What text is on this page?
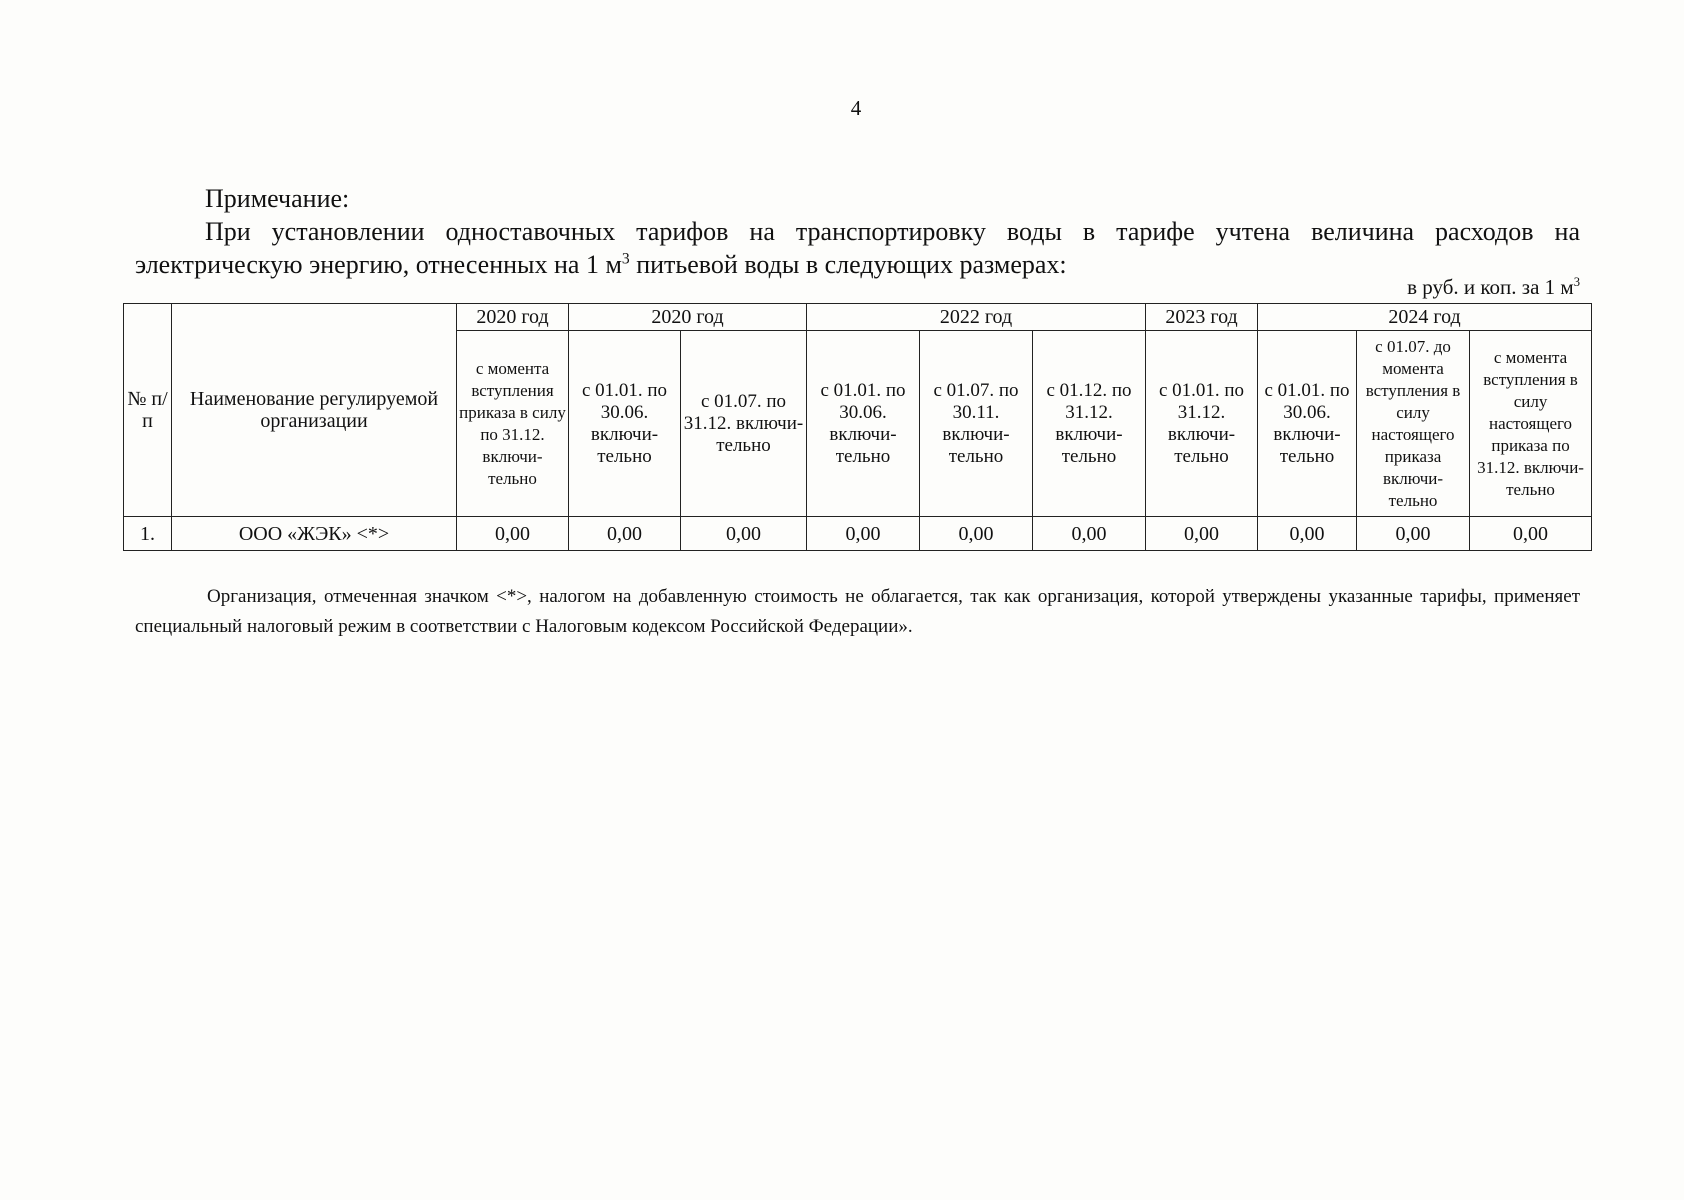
4
Примечание:
При установлении одноставочных тарифов на транспортировку воды в тарифе учтена величина расходов на электрическую энергию, отнесенных на 1 $м^3$ питьевой воды в следующих размерах:
в руб. и коп. за 1 $м^3$
№ п/ п	Наименование регулируемой организации	2020 год	2020 год		2022 год			2023 год	2024 год		
		с момента вступления приказа в силу по 31.12. включи-тельно	с 01.01. по 30.06. включи-тельно	с 01.07. по 31.12. включи-тельно	с 01.01. по 30.06. включи-тельно	с 01.07. по 30.11. включи-тельно	с 01.12. по 31.12. включи-тельно	с 01.01. по 31.12. включи-тельно	с 01.01. по 30.06. включи-тельно	с 01.07. до момента вступления в силу настоящего приказа включи-тельно	с момента вступления в силу настоящего приказа по 31.12. включи-тельно
1.	ООО «ЖЭК» <*>	0,00	0,00	0,00	0,00	0,00	0,00	0,00	0,00	0,00	0,00
Организация, отмеченная значком <*>, налогом на добавленную стоимость не облагается, так как организация, которой утверждены указанные тарифы, применяет специальный налоговый режим в соответствии с Налоговым кодексом Российской Федерации».
